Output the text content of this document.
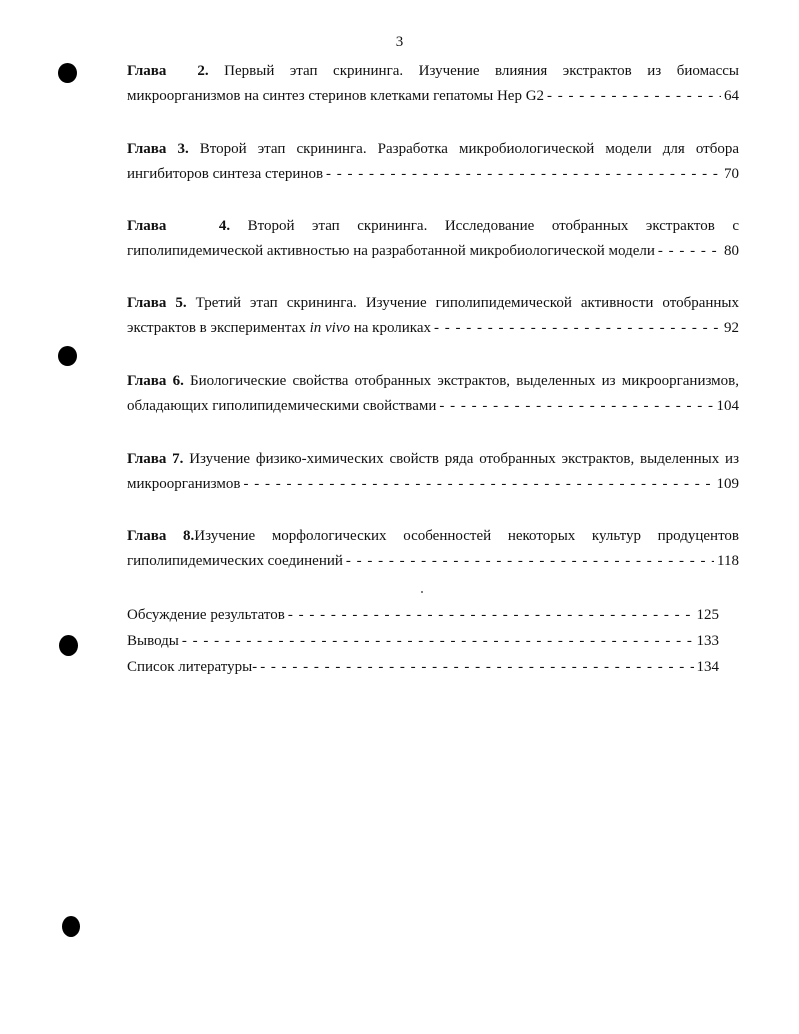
3
Глава 2. Первый этап скрининга. Изучение влияния экстрактов из биомассы
микроорганизмов на синтез стеринов клетками гепатомы Hep G2 - - -	64
Глава 3. Второй этап скрининга. Разработка микробиологической модели для отбора
ингибиторов синтеза стеринов - - -	70
Глава	4. Второй этап скрининга. Исследование отобранных экстрактов с
гиполипидемической активностью на разработанной микробиологической модели - - -	80
Глава 5. Третий этап скрининга. Изучение гиполипидемической активности отобранных
экстрактов в экспериментах in vivo на кроликах - - -	92
Глава 6. Биологические свойства отобранных экстрактов, выделенных из микроорганизмов,
обладающих гиполипидемическими свойствами - - -	104
Глава 7. Изучение физико-химических свойств ряда отобранных экстрактов, выделенных из
микроорганизмов - - -	109
Глава 8.Изучение морфологических особенностей некоторых культур продуцентов
гиполипидемических соединений - - -	118
Обсуждение результатов - - -	125
Выводы - - -	133
Список литературы- - - -	134
